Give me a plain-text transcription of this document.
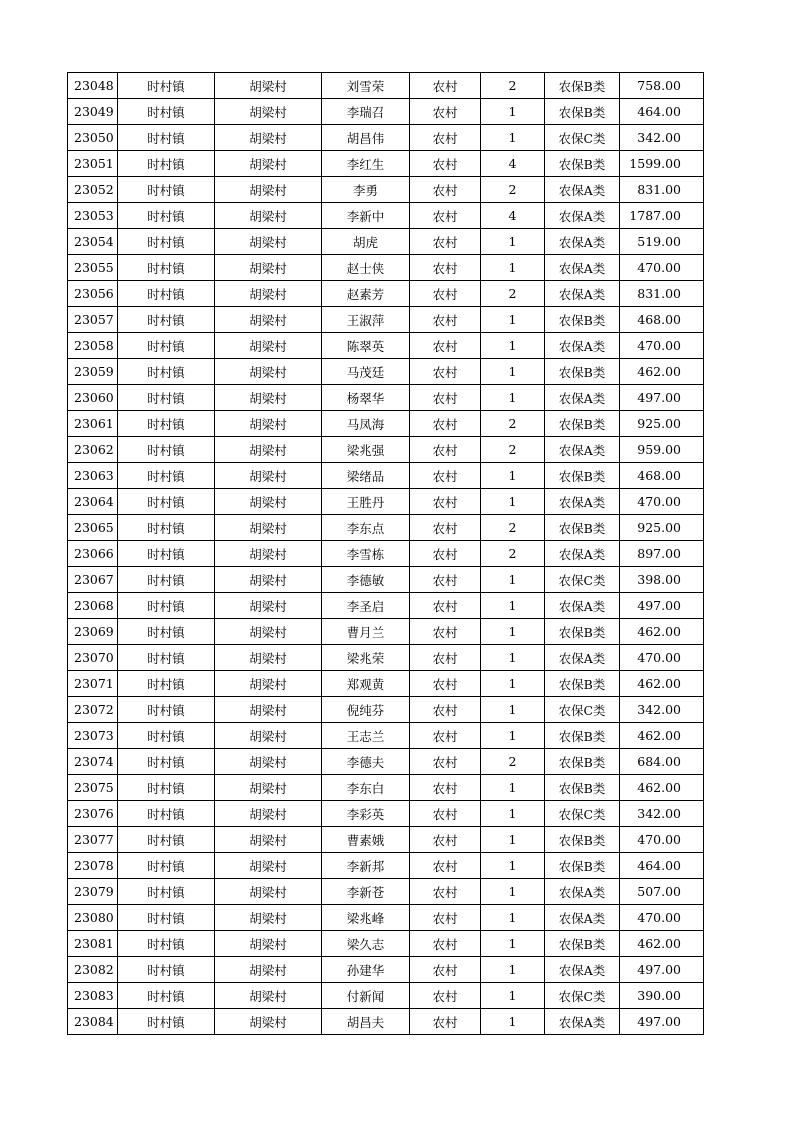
23048	时村镇	胡梁村	刘雪荣	农村	2	农保B类	758.00
23049	时村镇	胡梁村	李瑞召	农村	1	农保B类	464.00
23050	时村镇	胡梁村	胡昌伟	农村	1	农保C类	342.00
23051	时村镇	胡梁村	李红生	农村	4	农保B类	1599.00
23052	时村镇	胡梁村	李勇	农村	2	农保A类	831.00
23053	时村镇	胡梁村	李新中	农村	4	农保A类	1787.00
23054	时村镇	胡梁村	胡虎	农村	1	农保A类	519.00
23055	时村镇	胡梁村	赵士侠	农村	1	农保A类	470.00
23056	时村镇	胡梁村	赵素芳	农村	2	农保A类	831.00
23057	时村镇	胡梁村	王淑萍	农村	1	农保B类	468.00
23058	时村镇	胡梁村	陈翠英	农村	1	农保A类	470.00
23059	时村镇	胡梁村	马茂廷	农村	1	农保B类	462.00
23060	时村镇	胡梁村	杨翠华	农村	1	农保A类	497.00
23061	时村镇	胡梁村	马凤海	农村	2	农保B类	925.00
23062	时村镇	胡梁村	梁兆强	农村	2	农保A类	959.00
23063	时村镇	胡梁村	梁绪品	农村	1	农保B类	468.00
23064	时村镇	胡梁村	王胜丹	农村	1	农保A类	470.00
23065	时村镇	胡梁村	李东点	农村	2	农保B类	925.00
23066	时村镇	胡梁村	李雪栋	农村	2	农保A类	897.00
23067	时村镇	胡梁村	李德敏	农村	1	农保C类	398.00
23068	时村镇	胡梁村	李圣启	农村	1	农保A类	497.00
23069	时村镇	胡梁村	曹月兰	农村	1	农保B类	462.00
23070	时村镇	胡梁村	梁兆荣	农村	1	农保A类	470.00
23071	时村镇	胡梁村	郑观黄	农村	1	农保B类	462.00
23072	时村镇	胡梁村	倪纯芬	农村	1	农保C类	342.00
23073	时村镇	胡梁村	王志兰	农村	1	农保B类	462.00
23074	时村镇	胡梁村	李德夫	农村	2	农保B类	684.00
23075	时村镇	胡梁村	李东白	农村	1	农保B类	462.00
23076	时村镇	胡梁村	李彩英	农村	1	农保C类	342.00
23077	时村镇	胡梁村	曹素娥	农村	1	农保B类	470.00
23078	时村镇	胡梁村	李新邦	农村	1	农保B类	464.00
23079	时村镇	胡梁村	李新苍	农村	1	农保A类	507.00
23080	时村镇	胡梁村	梁兆峰	农村	1	农保A类	470.00
23081	时村镇	胡梁村	梁久志	农村	1	农保B类	462.00
23082	时村镇	胡梁村	孙建华	农村	1	农保A类	497.00
23083	时村镇	胡梁村	付新闻	农村	1	农保C类	390.00
23084	时村镇	胡梁村	胡昌夫	农村	1	农保A类	497.00
